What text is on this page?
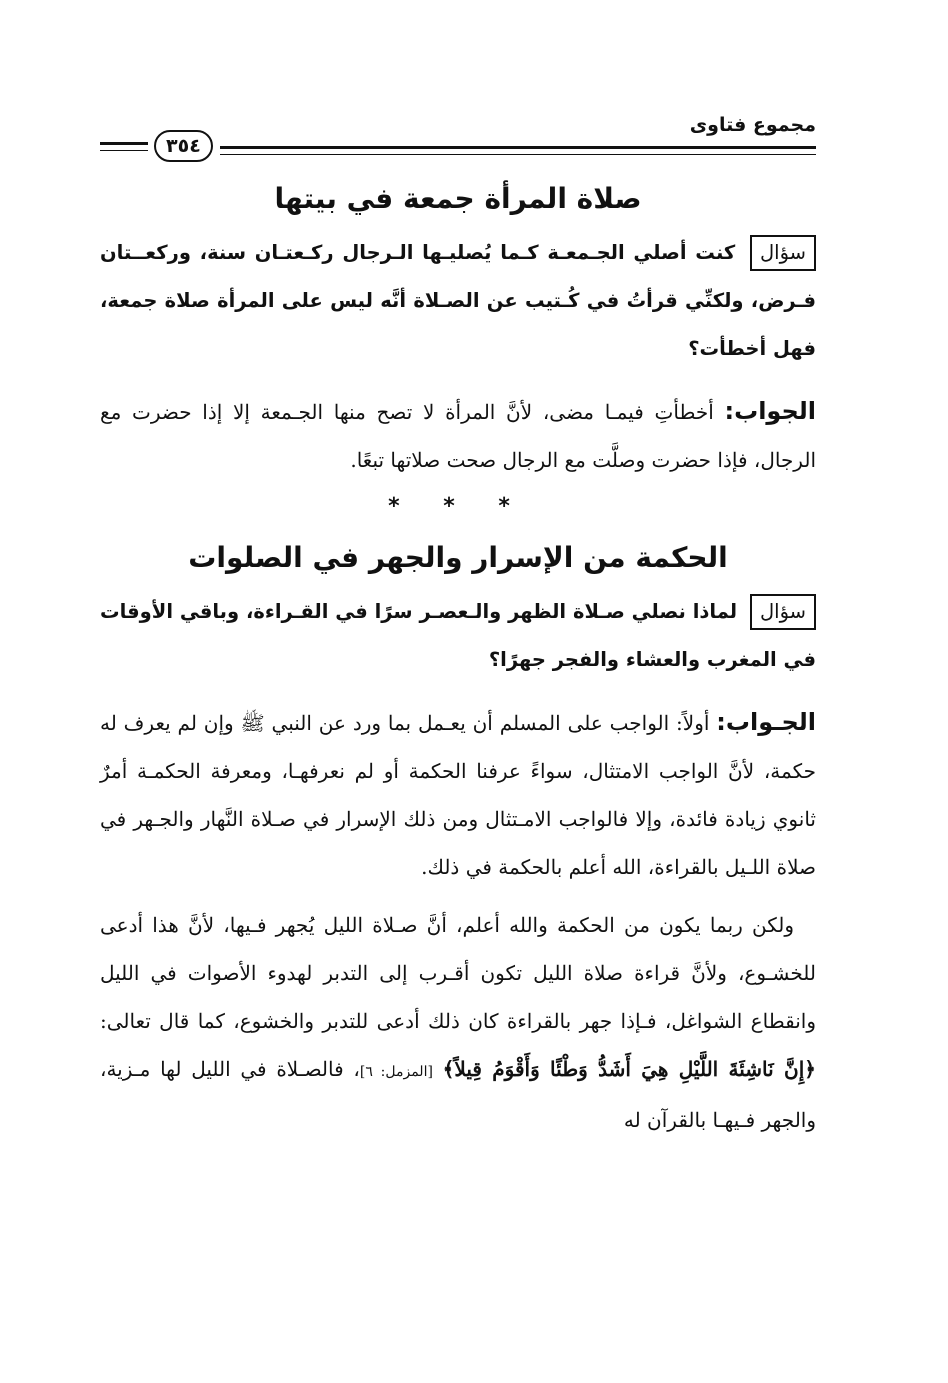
مجموع فتاوى
٣٥٤
صلاة المرأة جمعة في بيتها

سؤال كنت أصلي الجـمعـة كـما يُصليـها الـرجال ركـعتـان سنة، وركعــتان فـرض، ولكنِّي قرأتُ في كُـتيب عن الصـلاة أنَّه ليس على المرأة صلاة جمعة، فهل أخطأت؟

الجواب: أخطأتِ فيمـا مضى، لأنَّ المرأة لا تصح منها الجـمعة إلا إذا حضرت مع الرجال، فإذا حضرت وصلَّت مع الرجال صحت صلاتها تبعًا.

* * *
الحكمة من الإسرار والجهر في الصلوات

سؤال لماذا نصلي صـلاة الظهر والـعصـر سرًا في القـراءة، وباقي الأوقات في المغرب والعشاء والفجر جهرًا؟

الجـواب: أولاً: الواجب على المسلم أن يعـمل بما ورد عن النبي ﷺ وإن لم يعرف له حكمة، لأنَّ الواجب الامتثال، سواءً عرفنا الحكمة أو لم نعرفهـا، ومعرفة الحكمـة أمرٌ ثانوي زيادة فائدة، وإلا فالواجب الامـتثال ومن ذلك الإسرار في صـلاة النَّهار والجـهر في صلاة اللـيل بالقراءة، الله أعلم بالحكمة في ذلك.

ولكن ربما يكون من الحكمة والله أعلم، أنَّ صـلاة الليل يُجهر فـيها، لأنَّ هذا أدعى للخشـوع، ولأنَّ قراءة صلاة الليل تكون أقـرب إلى التدبر لهدوء الأصوات في الليل وانقطاع الشواغل، فـإذا جهر بالقراءة كان ذلك أدعى للتدبر والخشوع، كما قال تعالى: ﴿إِنَّ نَاشِئَةَ اللَّيْلِ هِيَ أَشَدُّ وَطْئًا وَأَقْوَمُ قِيلاً﴾ [المزمل: ٦]، فالصـلاة في الليل لها مـزية، والجهر فـيهـا بالقرآن له
